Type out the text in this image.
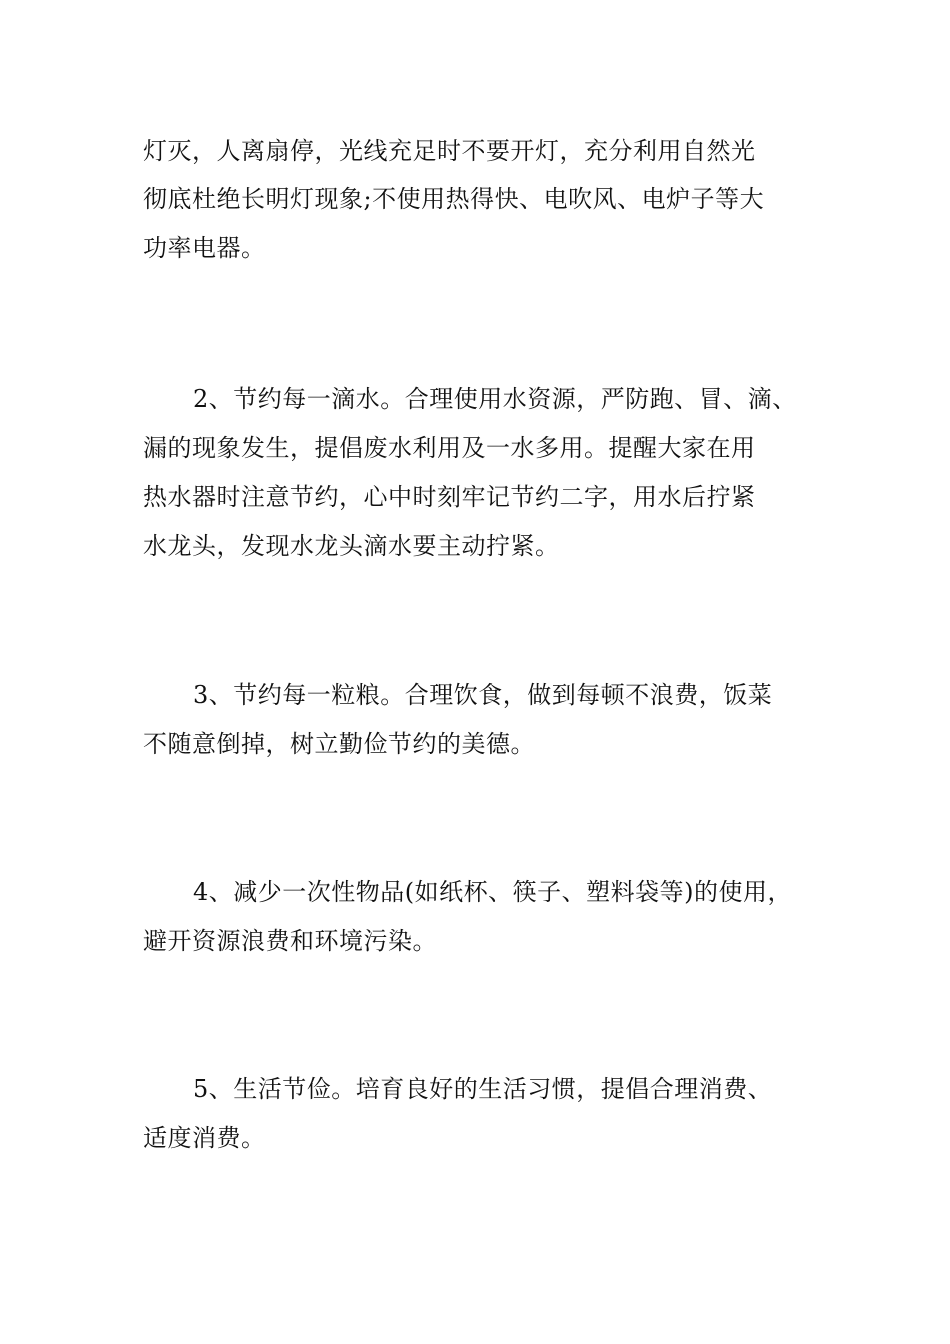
灯灭，人离扇停，光线充足时不要开灯，充分利用自然光
彻底杜绝长明灯现象;不使用热得快、电吹风、电炉子等大
功率电器。
2、节约每一滴水。合理使用水资源，严防跑、冒、滴、
漏的现象发生，提倡废水利用及一水多用。提醒大家在用
热水器时注意节约，心中时刻牢记节约二字，用水后拧紧
水龙头，发现水龙头滴水要主动拧紧。
3、节约每一粒粮。合理饮食，做到每顿不浪费，饭菜
不随意倒掉，树立勤俭节约的美德。
4、减少一次性物品(如纸杯、筷子、塑料袋等)的使用，
避开资源浪费和环境污染。
5、生活节俭。培育良好的生活习惯，提倡合理消费、
适度消费。
